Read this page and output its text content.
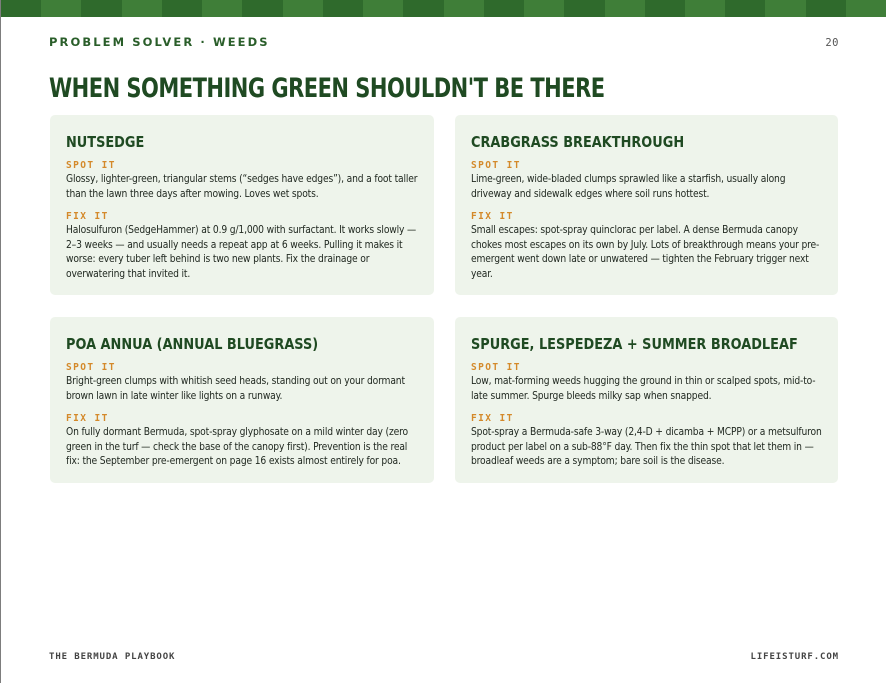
PROBLEM SOLVER · WEEDS	20
WHEN SOMETHING GREEN SHOULDN'T BE THERE
NUTSEDGE
SPOT IT
Glossy, lighter-green, triangular stems (“sedges have edges”), and a foot taller than the lawn three days after mowing. Loves wet spots.
FIX IT
Halosulfuron (SedgeHammer) at 0.9 g/1,000 with surfactant. It works slowly — 2–3 weeks — and usually needs a repeat app at 6 weeks. Pulling it makes it worse: every tuber left behind is two new plants. Fix the drainage or overwatering that invited it.
CRABGRASS BREAKTHROUGH
SPOT IT
Lime-green, wide-bladed clumps sprawled like a starfish, usually along driveway and sidewalk edges where soil runs hottest.
FIX IT
Small escapes: spot-spray quinclorac per label. A dense Bermuda canopy chokes most escapes on its own by July. Lots of breakthrough means your pre-emergent went down late or unwatered — tighten the February trigger next year.
POA ANNUA (ANNUAL BLUEGRASS)
SPOT IT
Bright-green clumps with whitish seed heads, standing out on your dormant brown lawn in late winter like lights on a runway.
FIX IT
On fully dormant Bermuda, spot-spray glyphosate on a mild winter day (zero green in the turf — check the base of the canopy first). Prevention is the real fix: the September pre-emergent on page 16 exists almost entirely for poa.
SPURGE, LESPEDEZA + SUMMER BROADLEAF
SPOT IT
Low, mat-forming weeds hugging the ground in thin or scalped spots, mid-to-late summer. Spurge bleeds milky sap when snapped.
FIX IT
Spot-spray a Bermuda-safe 3-way (2,4-D + dicamba + MCPP) or a metsulfuron product per label on a sub-88°F day. Then fix the thin spot that let them in — broadleaf weeds are a symptom; bare soil is the disease.
THE BERMUDA PLAYBOOK	LIFEISTURF.COM
